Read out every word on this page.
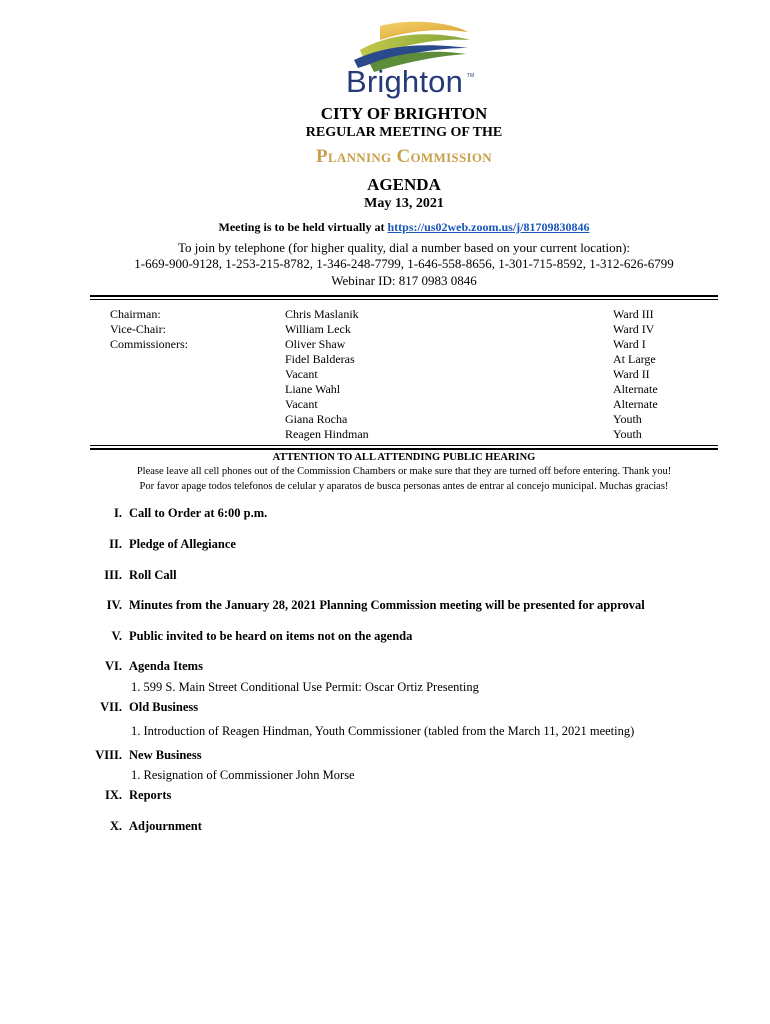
Brighton TM
CITY OF BRIGHTON
REGULAR MEETING OF THE
Planning Commission
AGENDA
May 13, 2021
Meeting is to be held virtually at https://us02web.zoom.us/j/81709830846
To join by telephone (for higher quality, dial a number based on your current location):
1-669-900-9128, 1-253-215-8782, 1-346-248-7799, 1-646-558-8656, 1-301-715-8592, 1-312-626-6799
Webinar ID: 817 0983 0846
Chairman:
Vice-Chair:
Commissioners:
Chris Maslanik
William Leck
Oliver Shaw
Fidel Balderas
Vacant
Liane Wahl
Vacant
Giana Rocha
Reagen Hindman
Ward III
Ward IV
Ward I
At Large
Ward II
Alternate
Alternate
Youth
Youth
ATTENTION TO ALL ATTENDING PUBLIC HEARING
Please leave all cell phones out of the Commission Chambers or make sure that they are turned off before entering. Thank you!
Por favor apage todos telefonos de celular y aparatos de busca personas antes de entrar al concejo municipal. Muchas gracias!
I. Call to Order at 6:00 p.m.
II. Pledge of Allegiance
III. Roll Call
IV. Minutes from the January 28, 2021 Planning Commission meeting will be presented for approval
V. Public invited to be heard on items not on the agenda
VI. Agenda Items
1. 599 S. Main Street Conditional Use Permit: Oscar Ortiz Presenting
VII. Old Business
1. Introduction of Reagen Hindman, Youth Commissioner (tabled from the March 11, 2021 meeting)
VIII. New Business
1. Resignation of Commissioner John Morse
IX. Reports
X. Adjournment
